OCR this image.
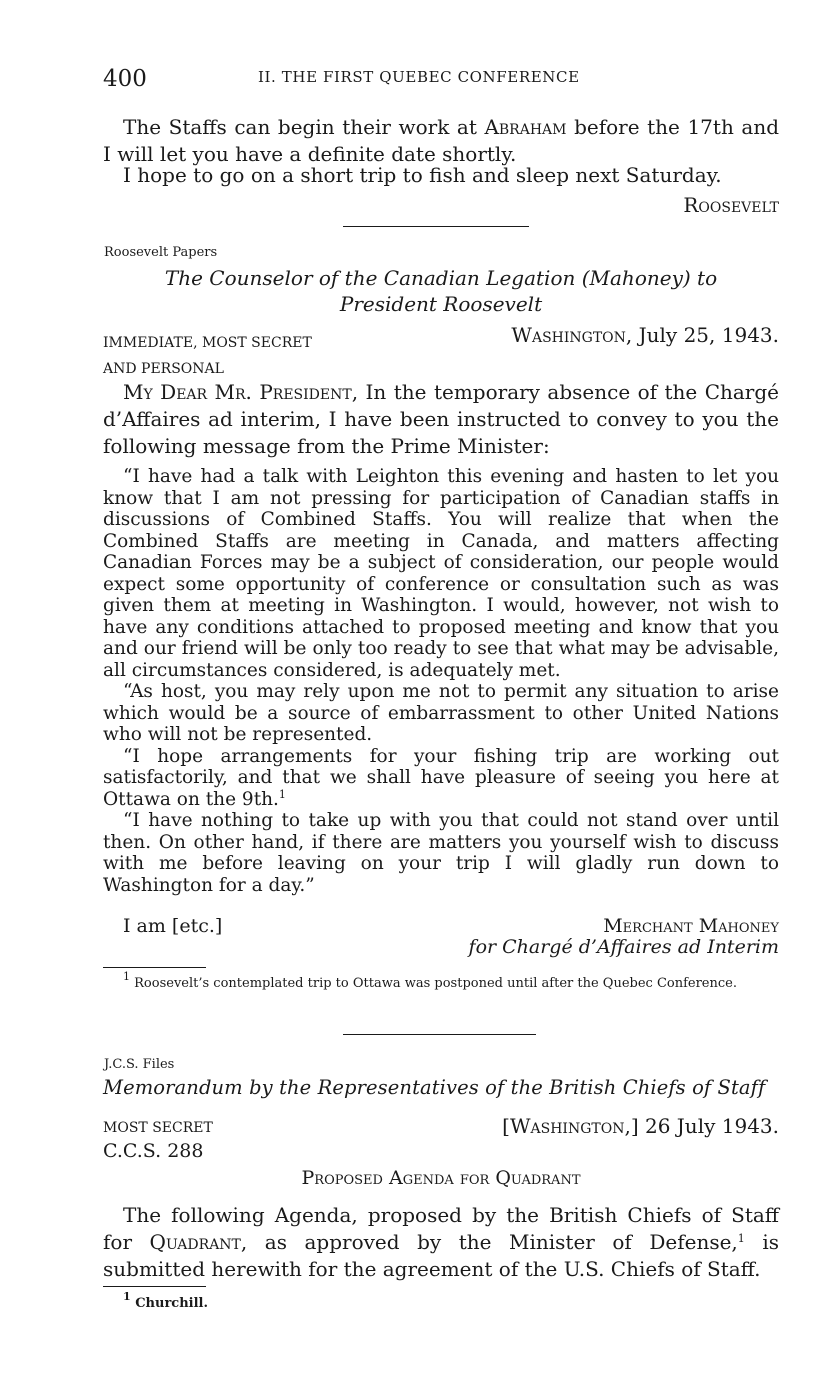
400	II. THE FIRST QUEBEC CONFERENCE

The Staffs can begin their work at Abraham before the 17th and I will let you have a definite date shortly.

I hope to go on a short trip to fish and sleep next Saturday.

Roosevelt
Roosevelt Papers
The Counselor of the Canadian Legation (Mahoney) to
President Roosevelt
IMMEDIATE, MOST SECRET
AND PERSONAL
Washington, July 25, 1943.

My Dear Mr. President, In the temporary absence of the Chargé d’Affaires ad interim, I have been instructed to convey to you the following message from the Prime Minister:

“I have had a talk with Leighton this evening and hasten to let you know that I am not pressing for participation of Canadian staffs in discussions of Combined Staffs. You will realize that when the Combined Staffs are meeting in Canada, and matters affecting Canadian Forces may be a subject of consideration, our people would expect some opportunity of conference or consultation such as was given them at meeting in Washington. I would, however, not wish to have any conditions attached to proposed meeting and know that you and our friend will be only too ready to see that what may be advisable, all circumstances considered, is adequately met.

“As host, you may rely upon me not to permit any situation to arise which would be a source of embarrassment to other United Nations who will not be represented.

“I hope arrangements for your fishing trip are working out satisfactorily, and that we shall have pleasure of seeing you here at Ottawa on the 9th.$^1$

“I have nothing to take up with you that could not stand over until then. On other hand, if there are matters you yourself wish to discuss with me before leaving on your trip I will gladly run down to Washington for a day.”

I am [etc.]	Merchant Mahoney
for Chargé d’Affaires ad Interim

$^1$ Roosevelt’s contemplated trip to Ottawa was postponed until after the Quebec Conference.

J.C.S. Files
Memorandum by the Representatives of the British Chiefs of Staff
MOST SECRET	[Washington,] 26 July 1943.
C.C.S. 288
Proposed Agenda for Quadrant

The following Agenda, proposed by the British Chiefs of Staff for Quadrant, as approved by the Minister of Defense,$^1$ is submitted herewith for the agreement of the U.S. Chiefs of Staff.

$^1$ Churchill.
